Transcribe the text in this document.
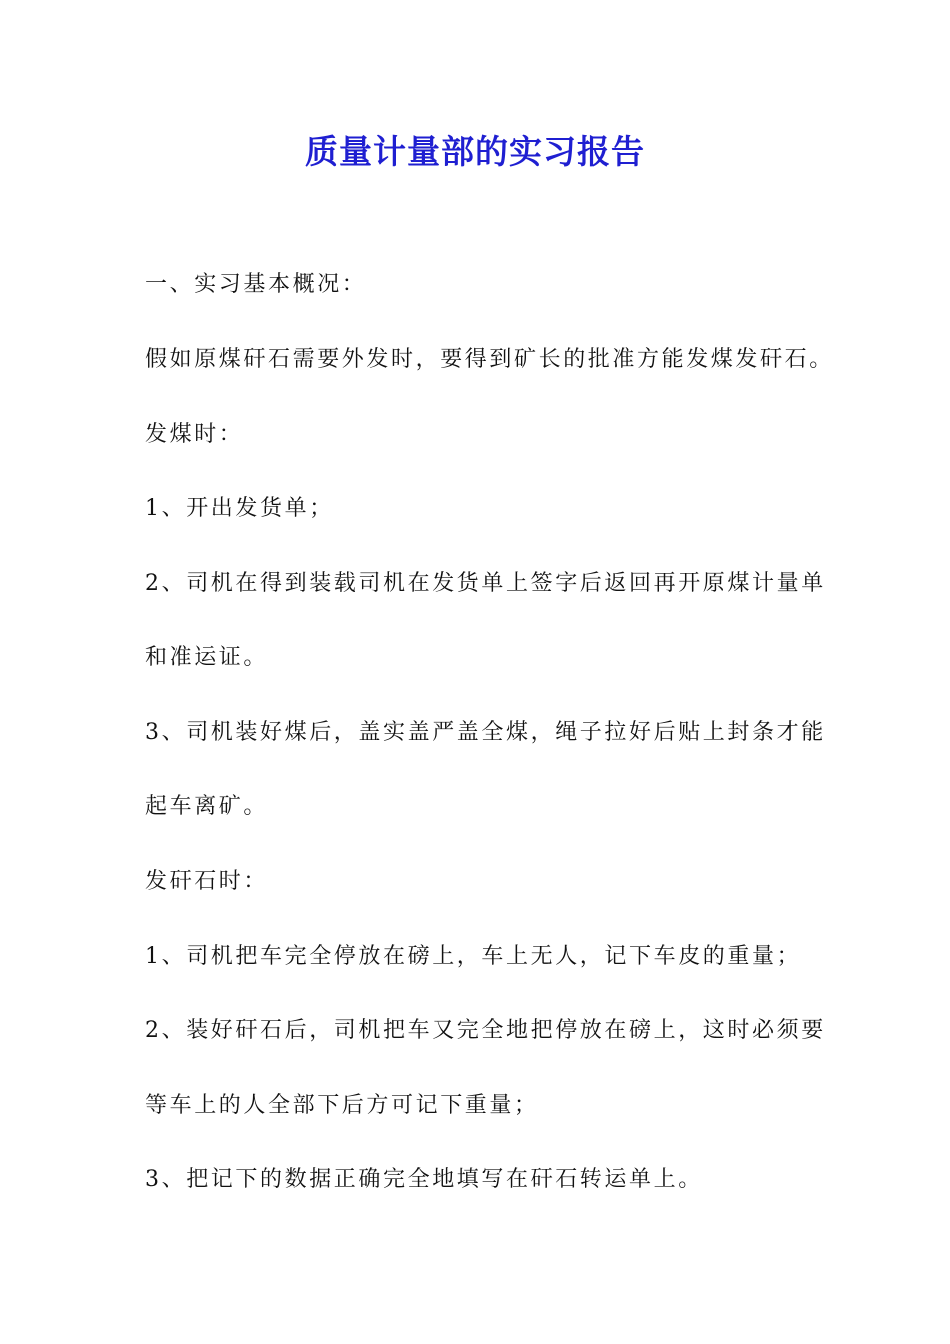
质量计量部的实习报告

一、实习基本概况：

假如原煤矸石需要外发时，要得到矿长的批准方能发煤发矸石。

发煤时：

1、开出发货单；

2、司机在得到装载司机在发货单上签字后返回再开原煤计量单

和准运证。

3、司机装好煤后，盖实盖严盖全煤，绳子拉好后贴上封条才能

起车离矿。

发矸石时：

1、司机把车完全停放在磅上，车上无人，记下车皮的重量；

2、装好矸石后，司机把车又完全地把停放在磅上，这时必须要

等车上的人全部下后方可记下重量；

3、把记下的数据正确完全地填写在矸石转运单上。
